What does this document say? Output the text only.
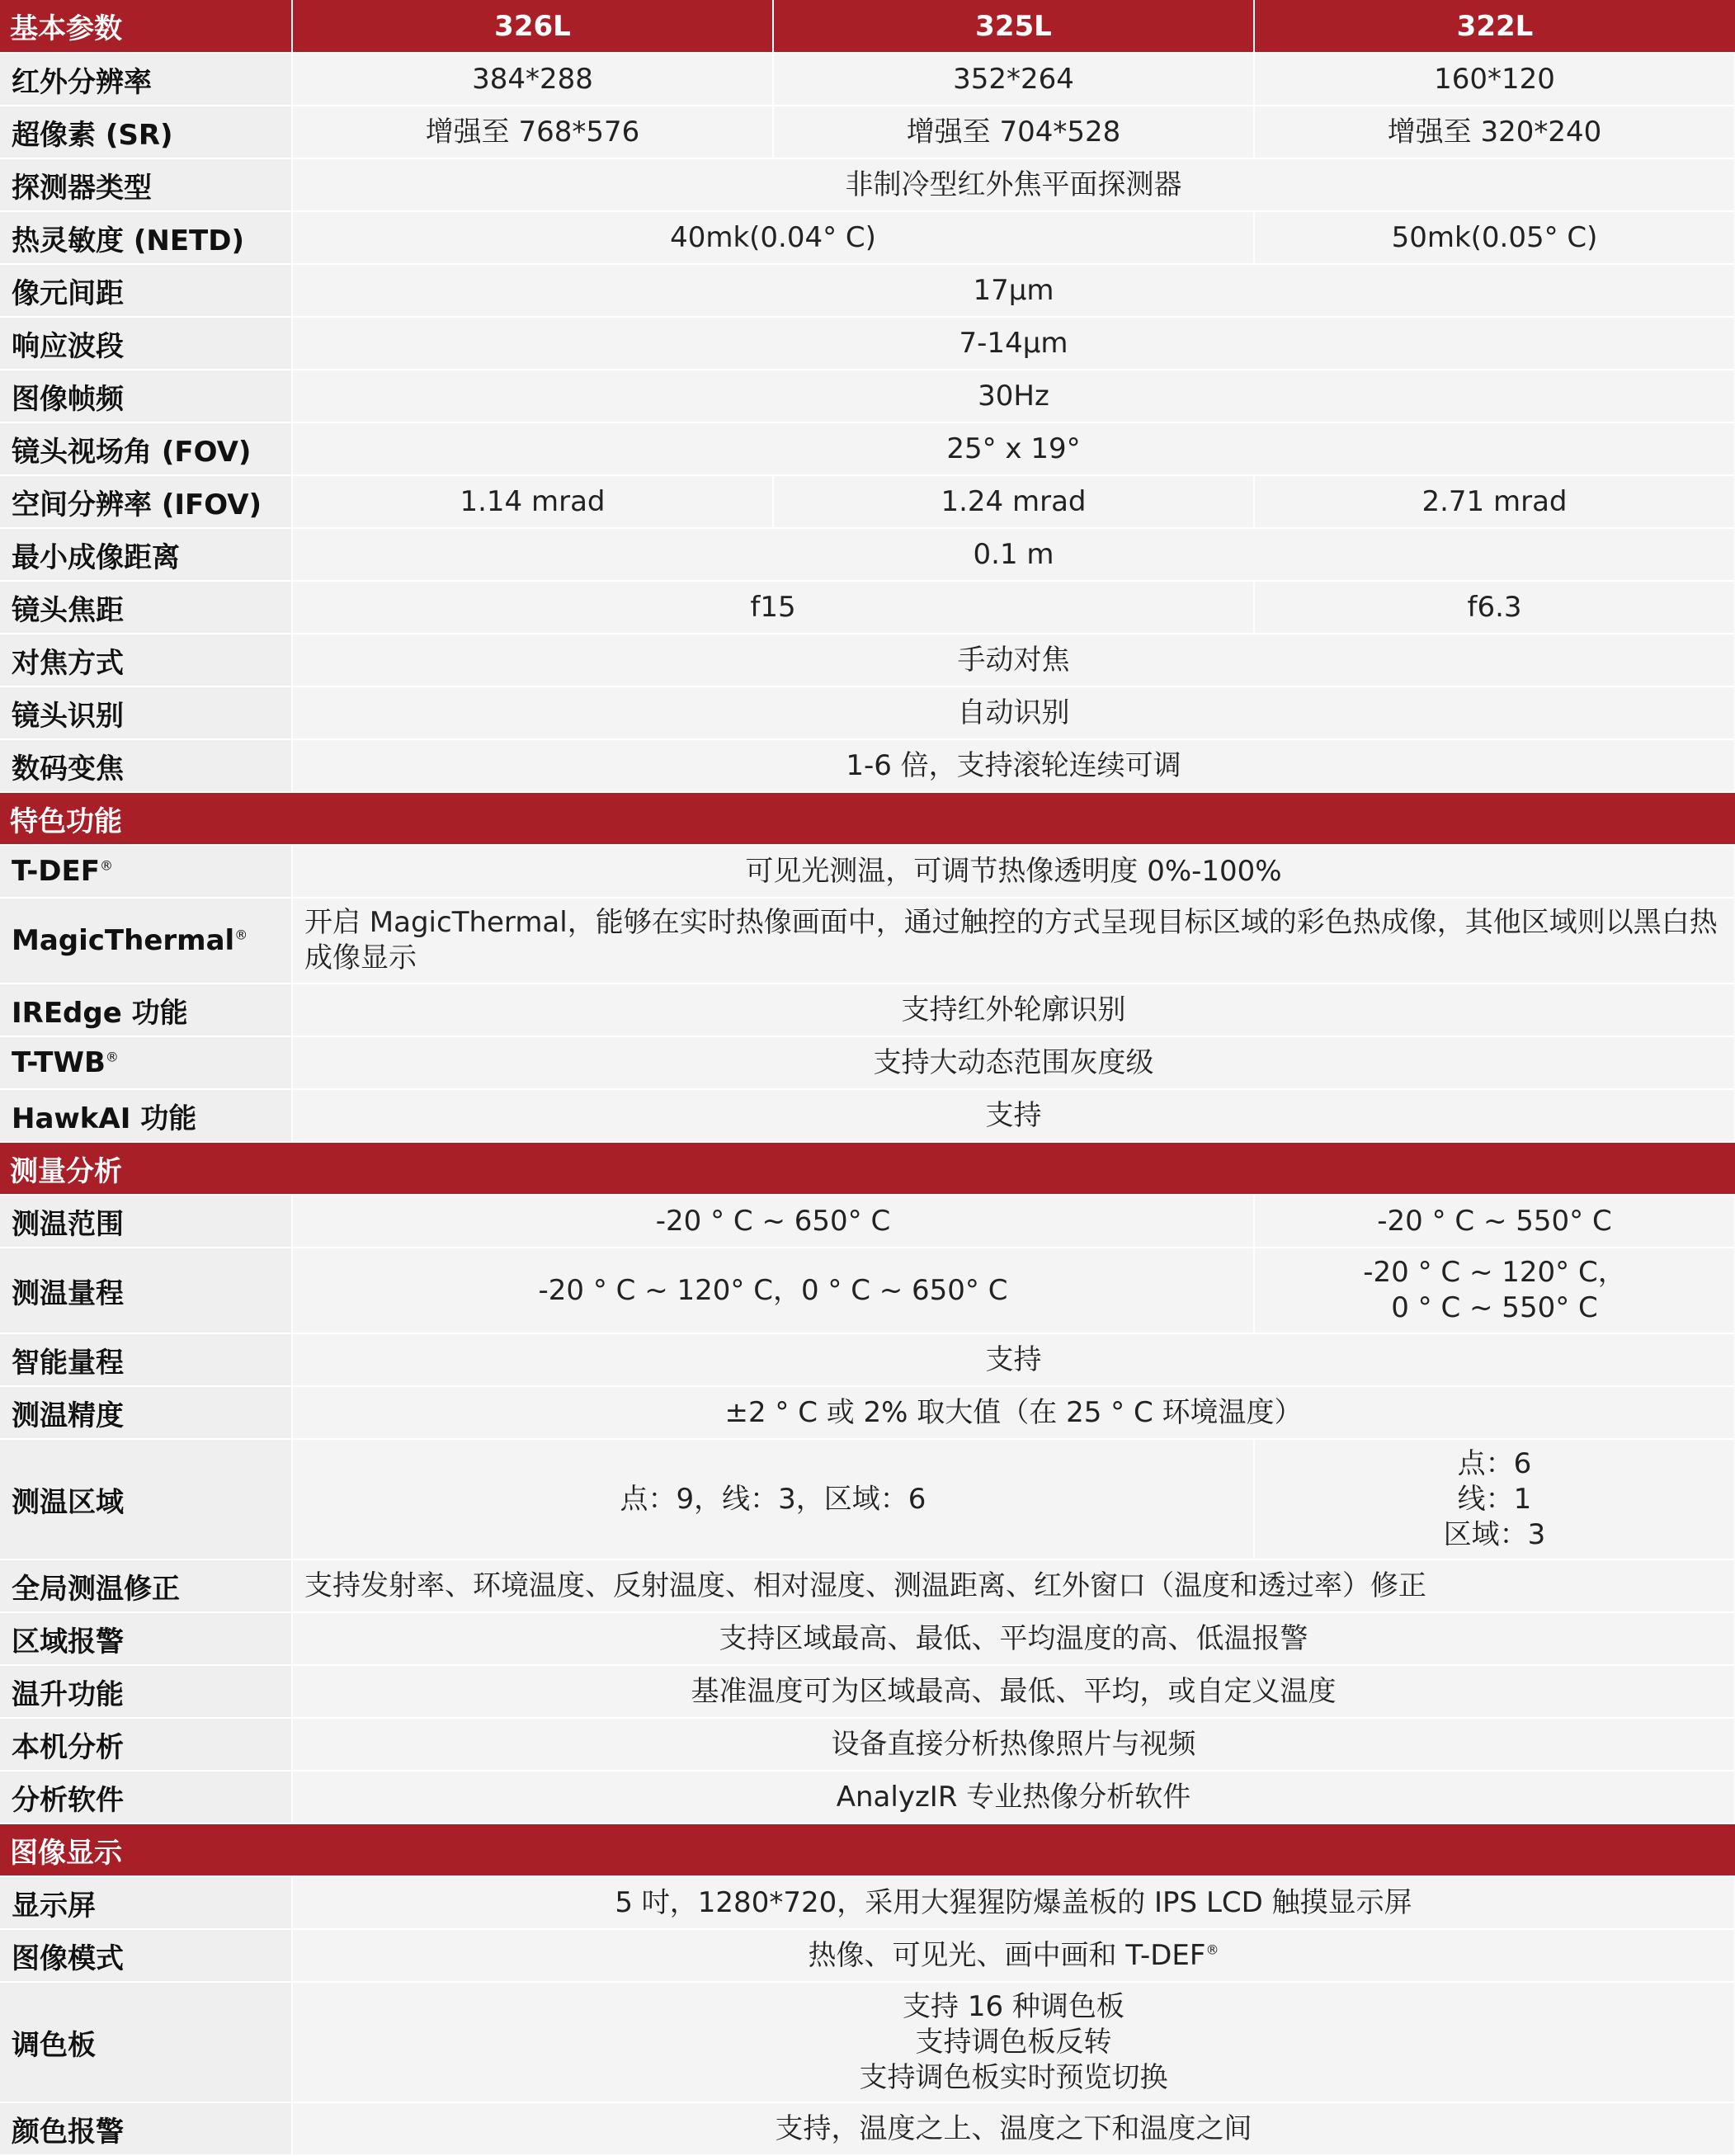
基本参数	326L	325L	322L
红外分辨率	384*288	352*264	160*120
超像素 (SR)	增强至 768*576	增强至 704*528	增强至 320*240
探测器类型	非制冷型红外焦平面探测器		
热灵敏度 (NETD)	40mk(0.04° C)		50mk(0.05° C)
像元间距	17μm		
响应波段	7-14μm		
图像帧频	30Hz		
镜头视场角 (FOV)	25° x 19°		
空间分辨率 (IFOV)	1.14 mrad	1.24 mrad	2.71 mrad
最小成像距离	0.1 m		
镜头焦距	f15		f6.3
对焦方式	手动对焦		
镜头识别	自动识别		
数码变焦	1-6 倍，支持滚轮连续可调		
特色功能			
T-DEF®	可见光测温，可调节热像透明度 0%-100%		
MagicThermal®	开启 MagicThermal，能够在实时热像画面中，通过触控的方式呈现目标区域的彩色热成像，其他区域则以黑白热成像显示		
IREdge 功能	支持红外轮廓识别		
T-TWB®	支持大动态范围灰度级		
HawkAI 功能	支持		
测量分析			
测温范围	-20 ° C ~ 650° C		-20 ° C ~ 550° C
测温量程	-20 ° C ~ 120° C，0 ° C ~ 650° C		-20 ° C ~ 120° C，
0 ° C ~ 550° C

智能量程	支持		
测温精度	±2 ° C 或 2% 取大值（在 25 ° C 环境温度）		
测温区域	点：9，线：3，区域：6		点：6
线：1
区域：3

全局测温修正	支持发射率、环境温度、反射温度、相对湿度、测温距离、红外窗口（温度和透过率）修正		
区域报警	支持区域最高、最低、平均温度的高、低温报警		
温升功能	基准温度可为区域最高、最低、平均，或自定义温度		
本机分析	设备直接分析热像照片与视频		
分析软件	AnalyzIR 专业热像分析软件		
图像显示			
显示屏	5 吋，1280*720，采用大猩猩防爆盖板的 IPS LCD 触摸显示屏		
图像模式	热像、可见光、画中画和 T-DEF®
调色板	支持 16 种调色板
支持调色板反转
支持调色板实时预览切换		

颜色报警	支持，温度之上、温度之下和温度之间		
